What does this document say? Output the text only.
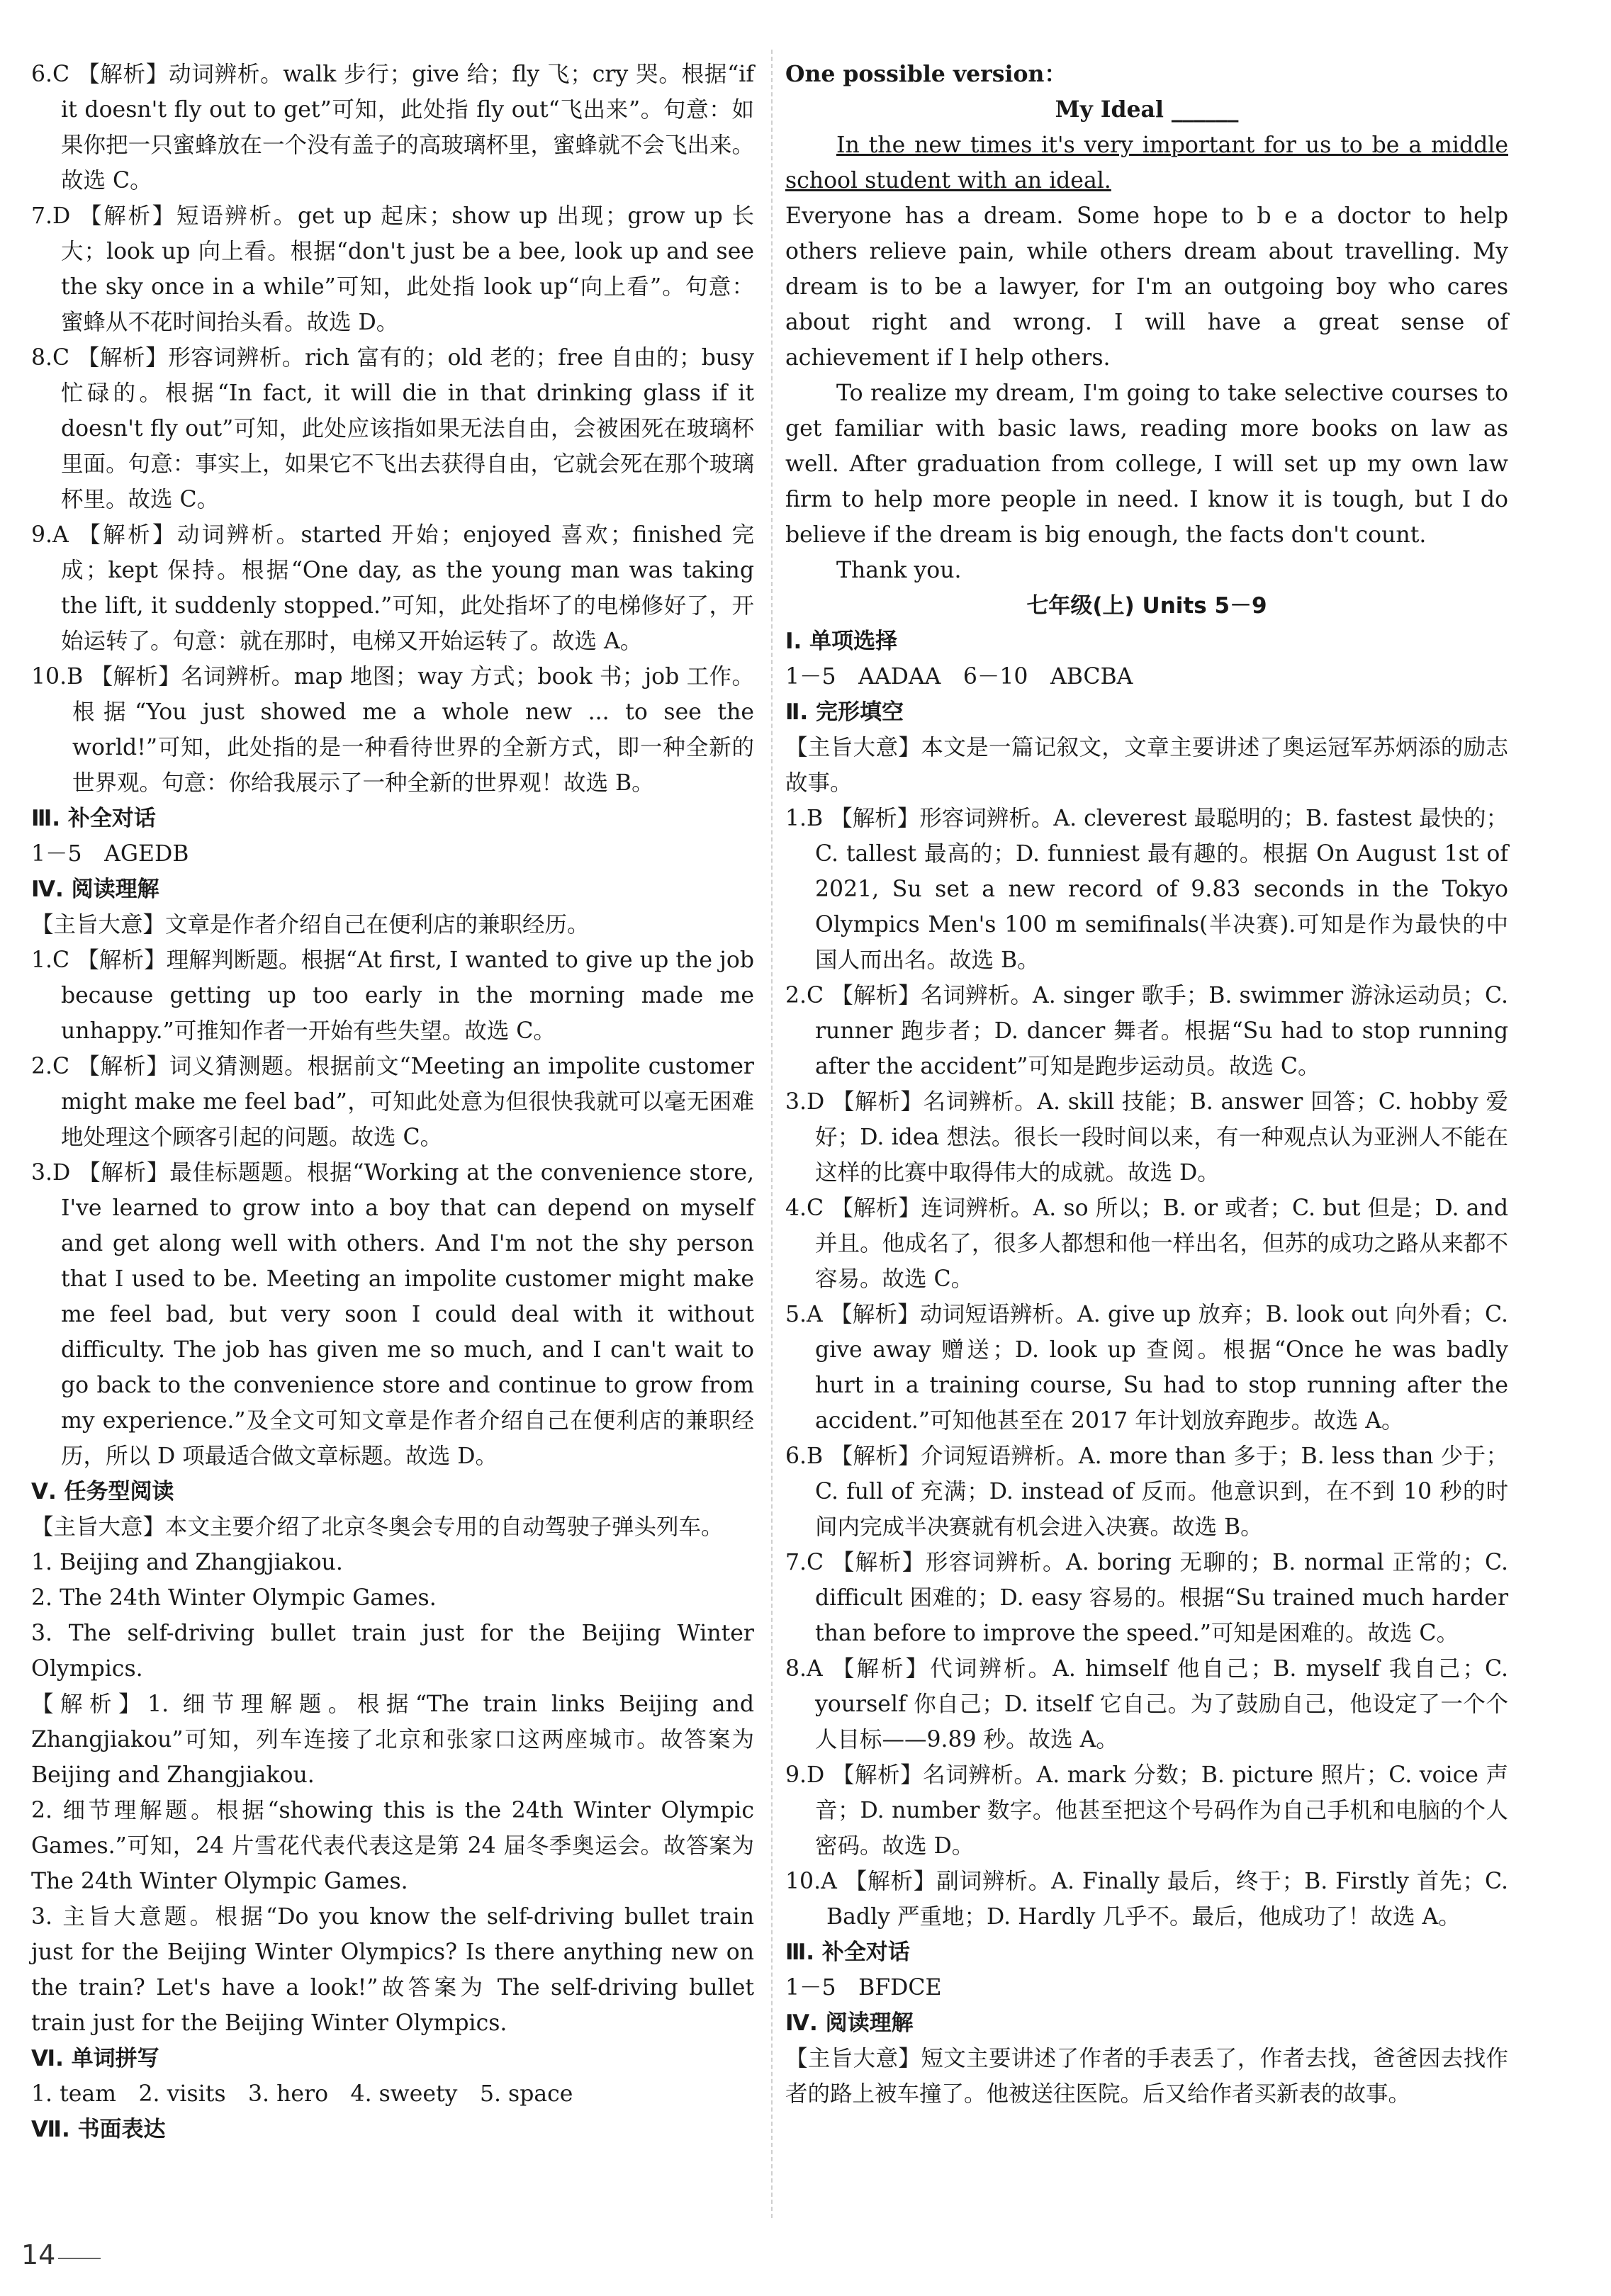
6.C 【解析】动词辨析。walk 步行；give 给；fly 飞；cry 哭。根据“if it doesn't fly out to get”可知，此处指 fly out“飞出来”。句意：如果你把一只蜜蜂放在一个没有盖子的高玻璃杯里，蜜蜂就不会飞出来。故选 C。

7.D 【解析】短语辨析。get up 起床；show up 出现；grow up 长大；look up 向上看。根据“don't just be a bee, look up and see the sky once in a while”可知，此处指 look up“向上看”。句意：蜜蜂从不花时间抬头看。故选 D。

8.C 【解析】形容词辨析。rich 富有的；old 老的；free 自由的；busy 忙碌的。根据“In fact, it will die in that drinking glass if it doesn't fly out”可知，此处应该指如果无法自由，会被困死在玻璃杯里面。句意：事实上，如果它不飞出去获得自由，它就会死在那个玻璃杯里。故选 C。

9.A 【解析】动词辨析。started 开始；enjoyed 喜欢；finished 完成；kept 保持。根据“One day, as the young man was taking the lift, it suddenly stopped.”可知，此处指坏了的电梯修好了，开始运转了。句意：就在那时，电梯又开始运转了。故选 A。

10.B 【解析】名词辨析。map 地图；way 方式；book 书；job 工作。根据“You just showed me a whole new ... to see the world!”可知，此处指的是一种看待世界的全新方式，即一种全新的世界观。句意：你给我展示了一种全新的世界观！故选 B。

Ⅲ. 补全对话

1－5　AGEDB

Ⅳ. 阅读理解

【主旨大意】文章是作者介绍自己在便利店的兼职经历。

1.C 【解析】理解判断题。根据“At first, I wanted to give up the job because getting up too early in the morning made me unhappy.”可推知作者一开始有些失望。故选 C。

2.C 【解析】词义猜测题。根据前文“Meeting an impolite customer might make me feel bad”，可知此处意为但很快我就可以毫无困难地处理这个顾客引起的问题。故选 C。

3.D 【解析】最佳标题题。根据“Working at the convenience store, I've learned to grow into a boy that can depend on myself and get along well with others. And I'm not the shy person that I used to be. Meeting an impolite customer might make me feel bad, but very soon I could deal with it without difficulty. The job has given me so much, and I can't wait to go back to the convenience store and continue to grow from my experience.”及全文可知文章是作者介绍自己在便利店的兼职经历，所以 D 项最适合做文章标题。故选 D。

Ⅴ. 任务型阅读

【主旨大意】本文主要介绍了北京冬奥会专用的自动驾驶子弹头列车。

1. Beijing and Zhangjiakou.

2. The 24th Winter Olympic Games.

3. The self-driving bullet train just for the Beijing Winter Olympics.

【解析】1. 细节理解题。根据“The train links Beijing and Zhangjiakou”可知，列车连接了北京和张家口这两座城市。故答案为 Beijing and Zhangjiakou.

2. 细节理解题。根据“showing this is the 24th Winter Olympic Games.”可知，24 片雪花代表代表这是第 24 届冬季奥运会。故答案为 The 24th Winter Olympic Games.

3. 主旨大意题。根据“Do you know the self-driving bullet train just for the Beijing Winter Olympics? Is there anything new on the train? Let's have a look!”故答案为 The self-driving bullet train just for the Beijing Winter Olympics.

Ⅵ. 单词拼写

1. team　2. visits　3. hero　4. sweety　5. space

Ⅶ. 书面表达

One possible version：

My Ideal ______

In the new times it's very important for us to be a middle school student with an ideal.

Everyone has a dream. Some hope to b e a doctor to help others relieve pain, while others dream about travelling. My dream is to be a lawyer, for I'm an outgoing boy who cares about right and wrong. I will have a great sense of achievement if I help others.

To realize my dream, I'm going to take selective courses to get familiar with basic laws, reading more books on law as well. After graduation from college, I will set up my own law firm to help more people in need. I know it is tough, but I do believe if the dream is big enough, the facts don't count.

Thank you.

七年级(上) Units 5－9

Ⅰ. 单项选择

1－5　AADAA　6－10　ABCBA

Ⅱ. 完形填空

【主旨大意】本文是一篇记叙文，文章主要讲述了奥运冠军苏炳添的励志故事。

1.B 【解析】形容词辨析。A. cleverest 最聪明的；B. fastest 最快的；C. tallest 最高的；D. funniest 最有趣的。根据 On August 1st of 2021, Su set a new record of 9.83 seconds in the Tokyo Olympics Men's 100 m semifinals(半决赛).可知是作为最快的中国人而出名。故选 B。

2.C 【解析】名词辨析。A. singer 歌手；B. swimmer 游泳运动员；C. runner 跑步者；D. dancer 舞者。根据“Su had to stop running after the accident”可知是跑步运动员。故选 C。

3.D 【解析】名词辨析。A. skill 技能；B. answer 回答；C. hobby 爱好；D. idea 想法。很长一段时间以来，有一种观点认为亚洲人不能在这样的比赛中取得伟大的成就。故选 D。

4.C 【解析】连词辨析。A. so 所以；B. or 或者；C. but 但是；D. and 并且。他成名了，很多人都想和他一样出名，但苏的成功之路从来都不容易。故选 C。

5.A 【解析】动词短语辨析。A. give up 放弃；B. look out 向外看；C. give away 赠送；D. look up 查阅。根据“Once he was badly hurt in a training course, Su had to stop running after the accident.”可知他甚至在 2017 年计划放弃跑步。故选 A。

6.B 【解析】介词短语辨析。A. more than 多于；B. less than 少于；C. full of 充满；D. instead of 反而。他意识到，在不到 10 秒的时间内完成半决赛就有机会进入决赛。故选 B。

7.C 【解析】形容词辨析。A. boring 无聊的；B. normal 正常的；C. difficult 困难的；D. easy 容易的。根据“Su trained much harder than before to improve the speed.”可知是困难的。故选 C。

8.A 【解析】代词辨析。A. himself 他自己；B. myself 我自己；C. yourself 你自己；D. itself 它自己。为了鼓励自己，他设定了一个个人目标——9.89 秒。故选 A。

9.D 【解析】名词辨析。A. mark 分数；B. picture 照片；C. voice 声音；D. number 数字。他甚至把这个号码作为自己手机和电脑的个人密码。故选 D。

10.A 【解析】副词辨析。A. Finally 最后，终于；B. Firstly 首先；C. Badly 严重地；D. Hardly 几乎不。最后，他成功了！故选 A。

Ⅲ. 补全对话

1－5　BFDCE

Ⅳ. 阅读理解

【主旨大意】短文主要讲述了作者的手表丢了，作者去找，爸爸因去找作者的路上被车撞了。他被送往医院。后又给作者买新表的故事。

14
